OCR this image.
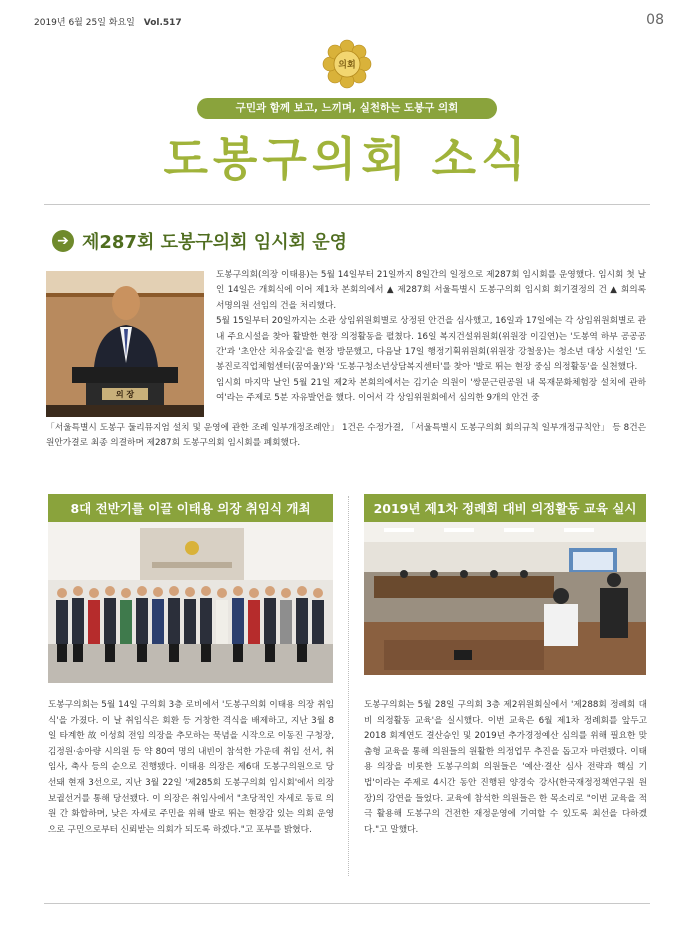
2019년 6월 25일 화요일 Vol.517	08
의회
구민과 함께 보고, 느끼며, 실천하는 도봉구 의회
도봉구의회 소식
➔ 제287회 도봉구의회 임시회 운영
의 장

도봉구의회(의장 이태용)는 5월 14일부터 21일까지 8일간의 일정으로 제287회 임시회를 운영했다. 임시회 첫 날인 14일은 개회식에 이어 제1차 본회의에서 ▲ 제287회 서울특별시 도봉구의회 임시회 회기결정의 건 ▲ 회의록 서명의원 선임의 건을 처리했다.

5월 15일부터 20일까지는 소관 상임위원회별로 상정된 안건을 심사했고, 16일과 17일에는 각 상임위원회별로 관내 주요시설을 찾아 활발한 현장 의정활동을 펼쳤다. 16일 복지건설위원회(위원장 이길연)는 '도봉역 하부 공공공간'과 '초안산 치유숲길'을 현장 방문했고, 다음날 17일 행정기획위원회(위원장 강철웅)는 청소년 대상 시설인 '도봉진로직업체험센터(꿈여울)'와 '도봉구청소년상담복지센터'를 찾아 '발로 뛰는 현장 중심 의정활동'을 실천했다.

임시회 마지막 날인 5월 21일 제2차 본회의에서는 김기순 의원이 '쌍문근린공원 내 목재문화체험장 설치에 관하여'라는 주제로 5분 자유발언을 했다. 이어서 각 상임위원회에서 심의한 9개의 안건 중

「서울특별시 도봉구 둘리뮤지엄 설치 및 운영에 관한 조례 일부개정조례안」 1건은 수정가결, 「서울특별시 도봉구의회 회의규칙 일부개정규칙안」 등 8건은 원안가결로 최종 의결하며 제287회 도봉구의회 임시회를 폐회했다.
8대 전반기를 이끌 이태용 의장 취임식 개최	2019년 제1차 정례회 대비 의정활동 교육 실시
도봉구의회는 5월 14일 구의회 3층 로비에서 '도봉구의회 이태용 의장 취임식'을 가졌다. 이 날 취임식은 회환 등 거창한 격식을 배제하고, 지난 3월 8일 타계한 故 이성희 전임 의장을 추모하는 묵념을 시작으로 이동진 구청장, 김정원·송아량 시의원 등 약 80여 명의 내빈이 참석한 가운데 취임 선서, 취임사, 축사 등의 순으로 진행됐다. 이태용 의장은 제6대 도봉구의원으로 당선돼 현재 3선으로, 지난 3월 22일 '제285회 도봉구의회 임시회'에서 의장 보궐선거를 통해 당선됐다. 이 의장은 취임사에서 "초당적인 자세로 동료 의원 간 화합하며, 낮은 자세로 주민을 위해 발로 뛰는 현장감 있는 의회 운영으로 구민으로부터 신뢰받는 의회가 되도록 하겠다."고 포부를 밝혔다.
도봉구의회는 5월 28일 구의회 3층 제2위원회실에서 '제288회 정례회 대비 의정활동 교육'을 실시했다. 이번 교육은 6월 제1차 정례회를 앞두고 2018 회계연도 결산승인 및 2019년 추가경정예산 심의를 위해 필요한 맞춤형 교육을 통해 의원들의 원활한 의정업무 추진을 돕고자 마련됐다. 이태용 의장을 비롯한 도봉구의회 의원들은 '예산·결산 심사 전략과 핵심 기법'이라는 주제로 4시간 동안 진행된 양경숙 강사(한국재정정책연구원 원장)의 강연을 들었다. 교육에 참석한 의원들은 한 목소리로 "이번 교육을 적극 활용해 도봉구의 건전한 재정운영에 기여할 수 있도록 최선을 다하겠다."고 말했다.
